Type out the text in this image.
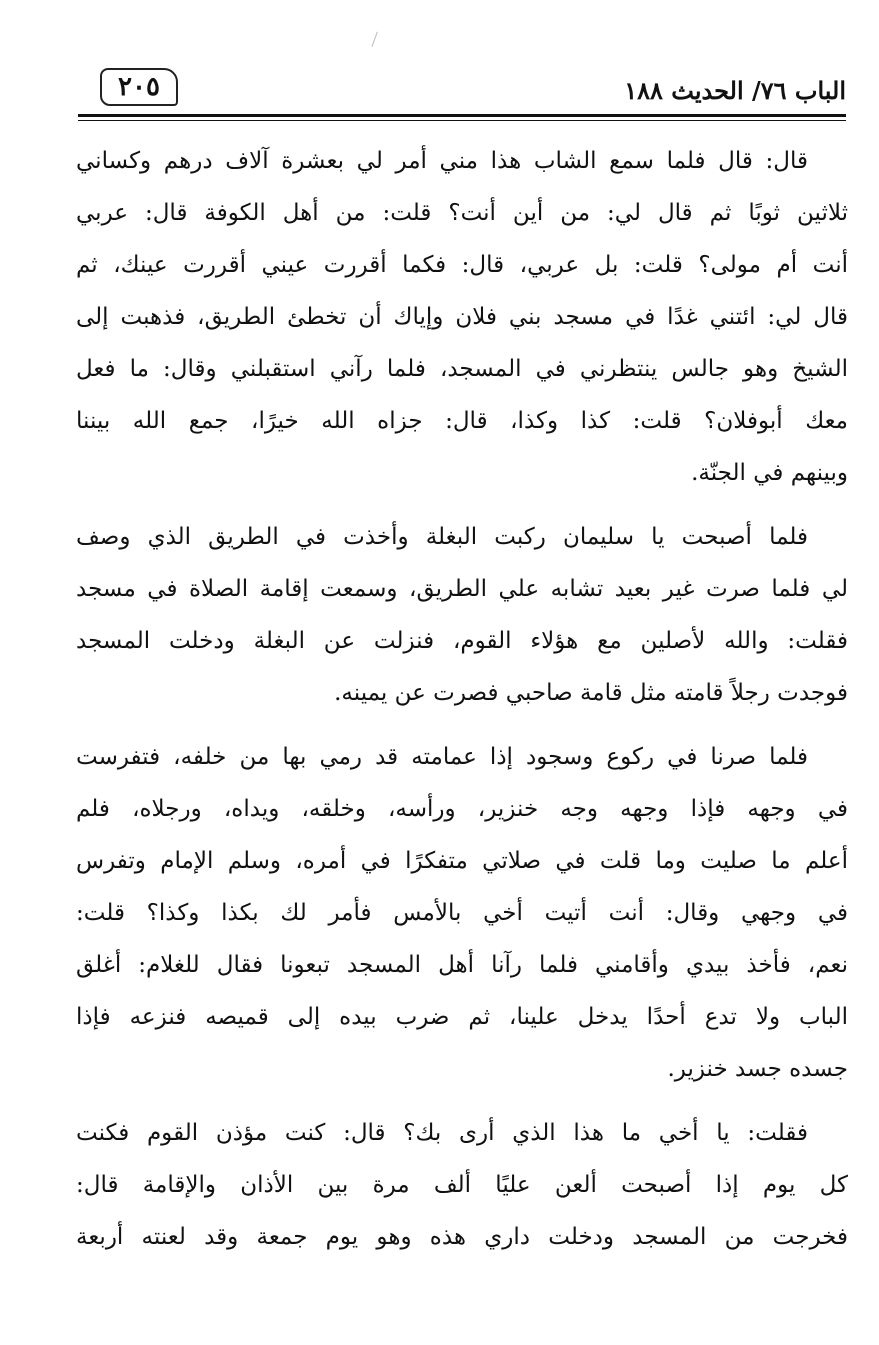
٢٠٥	الباب ٧٦/ الحديث ١٨٨
قال: قال فلما سمع الشاب هذا مني أمر لي بعشرة آلاف درهم وكساني
ثلاثين ثوبًا ثم قال لي: من أين أنت؟ قلت: من أهل الكوفة قال: عربي
أنت أم مولى؟ قلت: بل عربي، قال: فكما أقررت عيني أقررت عينك، ثم
قال لي: ائتني غدًا في مسجد بني فلان وإياك أن تخطئ الطريق، فذهبت إلى
الشيخ وهو جالس ينتظرني في المسجد، فلما رآني استقبلني وقال: ما فعل
معك أبوفلان؟ قلت: كذا وكذا، قال: جزاه الله خيرًا، جمع الله بيننا
وبينهم في الجنّة.
فلما أصبحت يا سليمان ركبت البغلة وأخذت في الطريق الذي وصف
لي فلما صرت غير بعيد تشابه علي الطريق، وسمعت إقامة الصلاة في مسجد
فقلت: والله لأصلين مع هؤلاء القوم، فنزلت عن البغلة ودخلت المسجد
فوجدت رجلاً قامته مثل قامة صاحبي فصرت عن يمينه.
فلما صرنا في ركوع وسجود إذا عمامته قد رمي بها من خلفه، فتفرست
في وجهه فإذا وجهه وجه خنزير، ورأسه، وخلقه، ويداه، ورجلاه، فلم
أعلم ما صليت وما قلت في صلاتي متفكرًا في أمره، وسلم الإمام وتفرس
في وجهي وقال: أنت أتيت أخي بالأمس فأمر لك بكذا وكذا؟ قلت:
نعم، فأخذ بيدي وأقامني فلما رآنا أهل المسجد تبعونا فقال للغلام: أغلق
الباب ولا تدع أحدًا يدخل علينا، ثم ضرب بيده إلى قميصه فنزعه فإذا
جسده جسد خنزير.
فقلت: يا أخي ما هذا الذي أرى بك؟ قال: كنت مؤذن القوم فكنت
كل يوم إذا أصبحت ألعن عليًا ألف مرة بين الأذان والإقامة قال:
فخرجت من المسجد ودخلت داري هذه وهو يوم جمعة وقد لعنته أربعة
